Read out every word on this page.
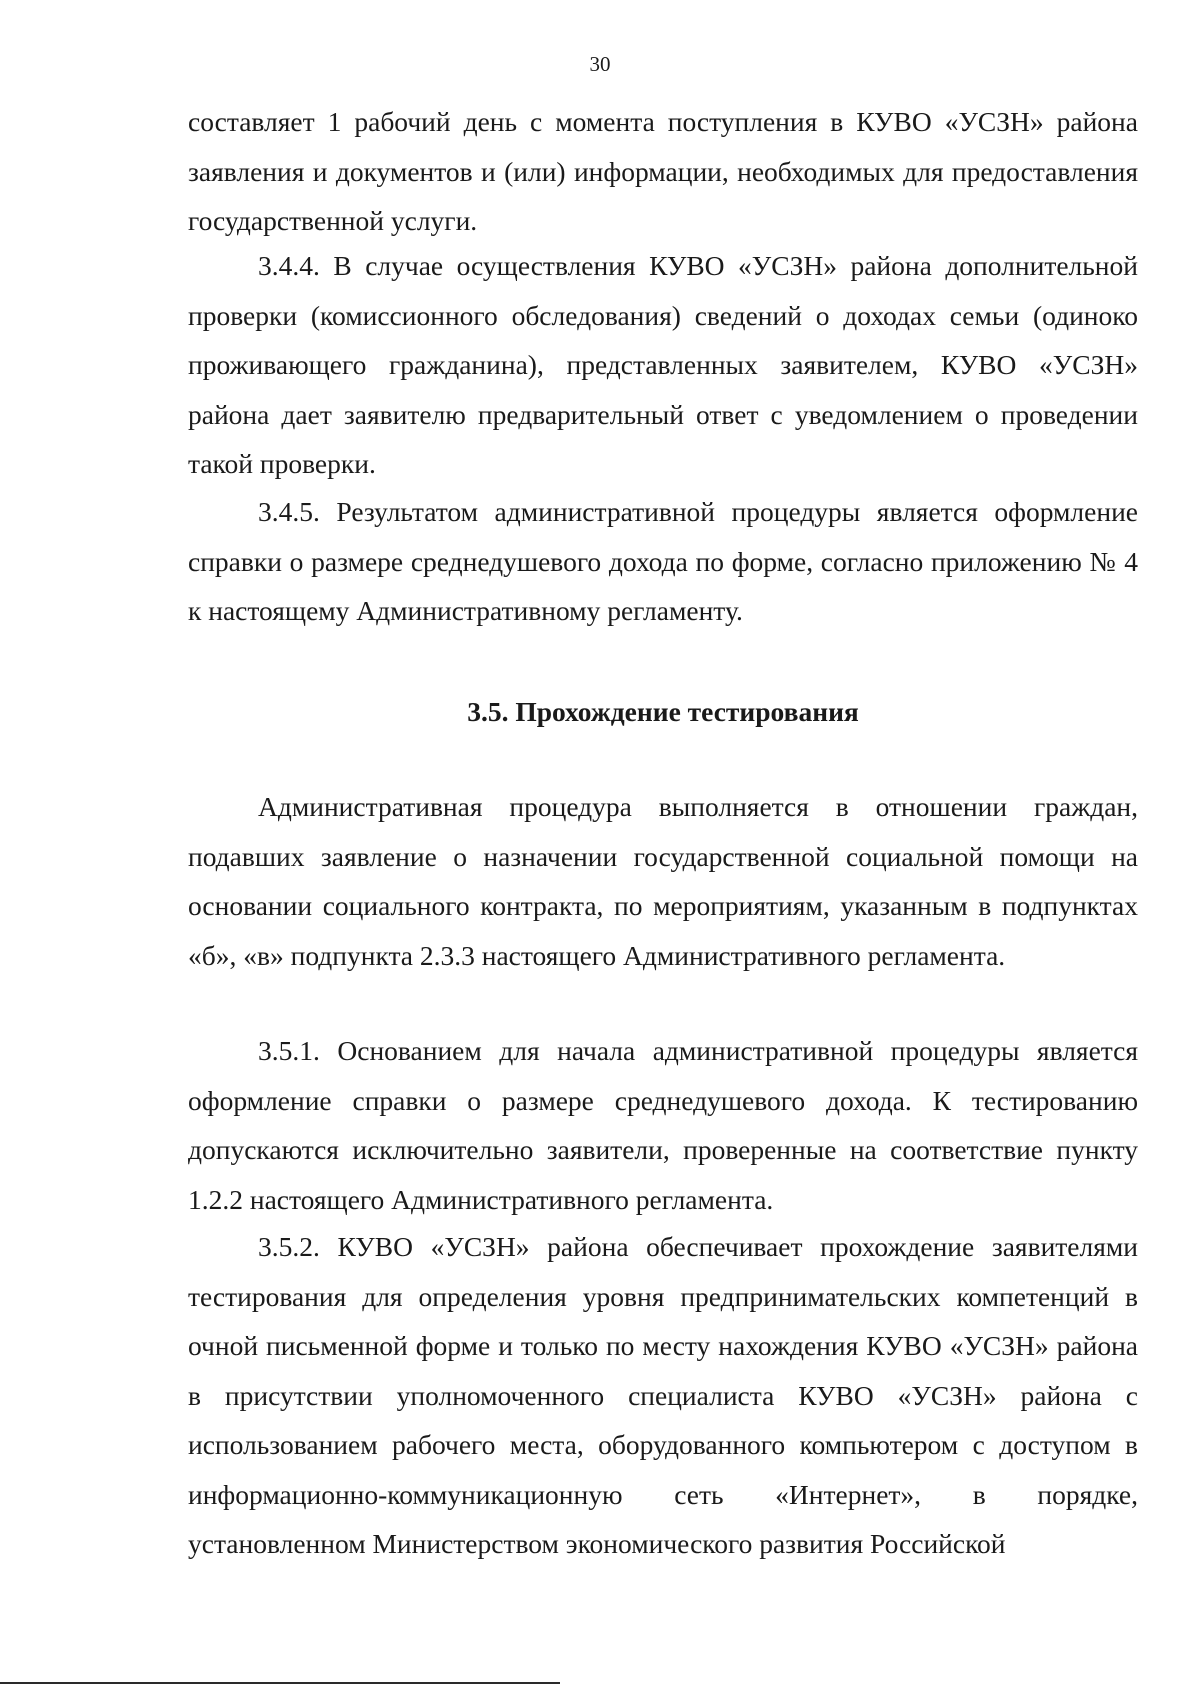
30

составляет 1 рабочий день с момента поступления в КУВО «УСЗН» района заявления и документов и (или) информации, необходимых для предоставления государственной услуги.

3.4.4. В случае осуществления КУВО «УСЗН» района дополнительной проверки (комиссионного обследования) сведений о доходах семьи (одиноко проживающего гражданина), представленных заявителем, КУВО «УСЗН» района дает заявителю предварительный ответ с уведомлением о проведении такой проверки.

3.4.5. Результатом административной процедуры является оформление справки о размере среднедушевого дохода по форме, согласно приложению № 4 к настоящему Административному регламенту.

3.5. Прохождение тестирования

Административная процедура выполняется в отношении граждан, подавших заявление о назначении государственной социальной помощи на основании социального контракта, по мероприятиям, указанным в подпунктах «б», «в» подпункта 2.3.3 настоящего Административного регламента.

3.5.1. Основанием для начала административной процедуры является оформление справки о размере среднедушевого дохода. К тестированию допускаются исключительно заявители, проверенные на соответствие пункту 1.2.2 настоящего Административного регламента.

3.5.2. КУВО «УСЗН» района обеспечивает прохождение заявителями тестирования для определения уровня предпринимательских компетенций в очной письменной форме и только по месту нахождения КУВО «УСЗН» района в присутствии уполномоченного специалиста КУВО «УСЗН» района с использованием рабочего места, оборудованного компьютером с доступом в информационно-коммуникационную сеть «Интернет», в порядке, установленном Министерством экономического развития Российской
